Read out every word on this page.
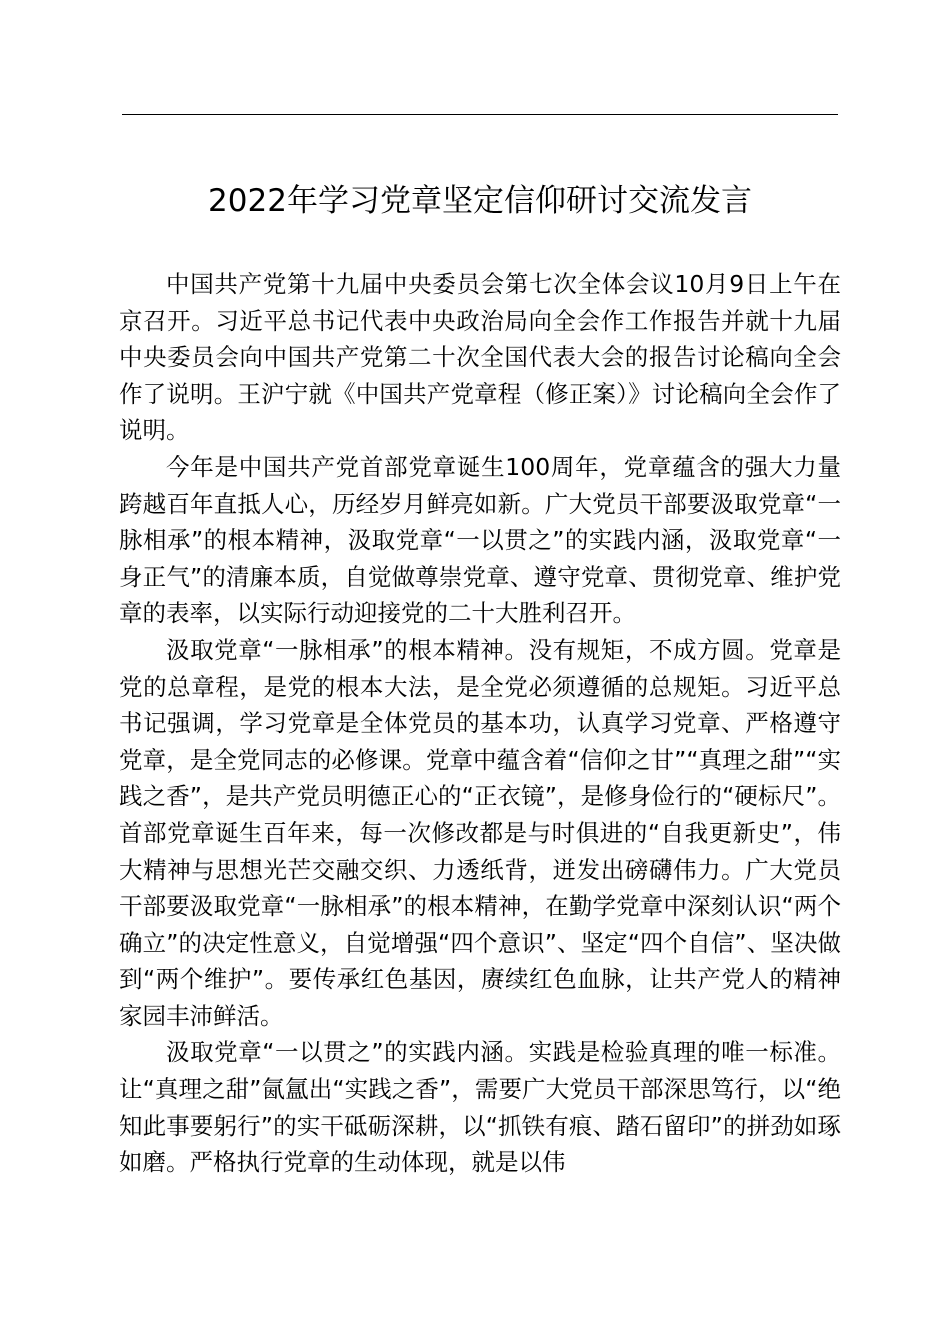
2022年学习党章坚定信仰研讨交流发言

中国共产党第十九届中央委员会第七次全体会议10月9日上午在京召开。习近平总书记代表中央政治局向全会作工作报告并就十九届中央委员会向中国共产党第二十次全国代表大会的报告讨论稿向全会作了说明。王沪宁就《中国共产党章程（修正案）》讨论稿向全会作了说明。

今年是中国共产党首部党章诞生100周年，党章蕴含的强大力量跨越百年直抵人心，历经岁月鲜亮如新。广大党员干部要汲取党章“一脉相承”的根本精神，汲取党章“一以贯之”的实践内涵，汲取党章“一身正气”的清廉本质，自觉做尊崇党章、遵守党章、贯彻党章、维护党章的表率，以实际行动迎接党的二十大胜利召开。

汲取党章“一脉相承”的根本精神。没有规矩，不成方圆。党章是党的总章程，是党的根本大法，是全党必须遵循的总规矩。习近平总书记强调，学习党章是全体党员的基本功，认真学习党章、严格遵守党章，是全党同志的必修课。党章中蕴含着“信仰之甘”“真理之甜”“实践之香”，是共产党员明德正心的“正衣镜”，是修身俭行的“硬标尺”。首部党章诞生百年来，每一次修改都是与时俱进的“自我更新史”，伟大精神与思想光芒交融交织、力透纸背，迸发出磅礴伟力。广大党员干部要汲取党章“一脉相承”的根本精神，在勤学党章中深刻认识“两个确立”的决定性意义，自觉增强“四个意识”、坚定“四个自信”、坚决做到“两个维护”。要传承红色基因，赓续红色血脉，让共产党人的精神家园丰沛鲜活。

汲取党章“一以贯之”的实践内涵。实践是检验真理的唯一标准。让“真理之甜”氤氲出“实践之香”，需要广大党员干部深思笃行，以“绝知此事要躬行”的实干砥砺深耕，以“抓铁有痕、踏石留印”的拼劲如琢如磨。严格执行党章的生动体现，就是以伟
